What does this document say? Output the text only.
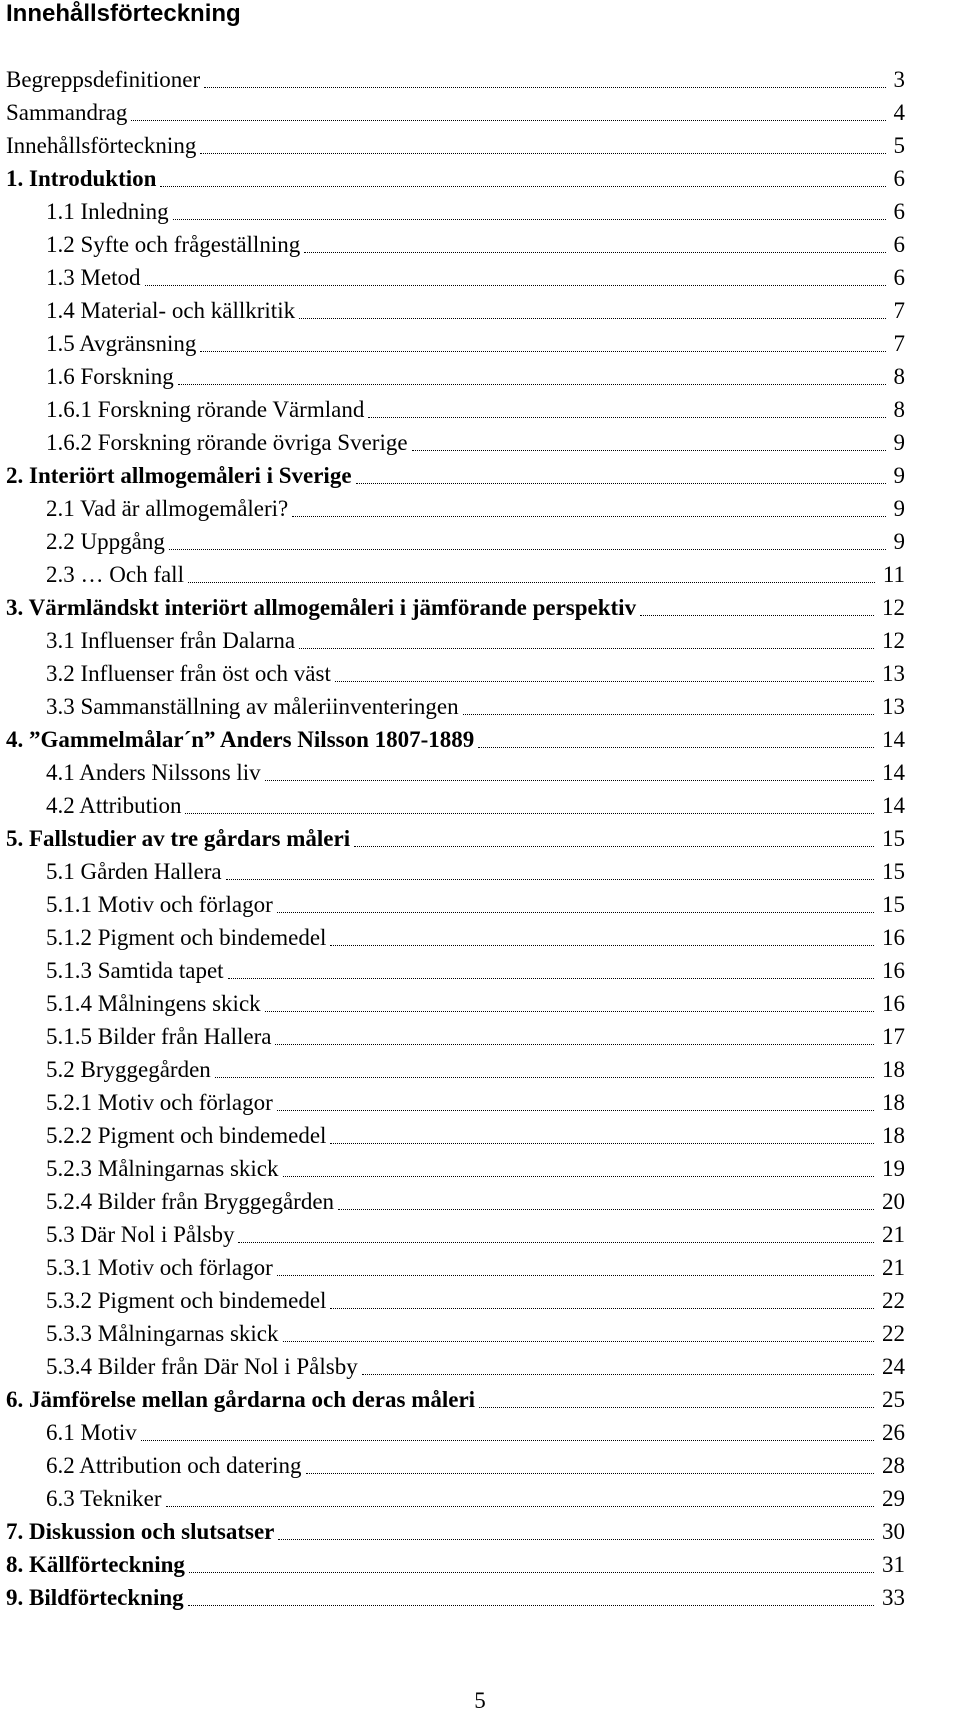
Innehållsförteckning
Begreppsdefinitioner	3
Sammandrag	4
Innehållsförteckning	5
1. Introduktion	6
1.1 Inledning	6
1.2 Syfte och frågeställning	6
1.3 Metod	6
1.4 Material- och källkritik	7
1.5 Avgränsning	7
1.6 Forskning	8
1.6.1 Forskning rörande Värmland	8
1.6.2 Forskning rörande övriga Sverige	9
2. Interiört allmogemåleri i Sverige	9
2.1 Vad är allmogemåleri?	9
2.2 Uppgång	9
2.3 … Och fall	11
3. Värmländskt interiört allmogemåleri i jämförande perspektiv	12
3.1 Influenser från Dalarna	12
3.2 Influenser från öst och väst	13
3.3 Sammanställning av måleriinventeringen	13
4. ”Gammelmålar´n” Anders Nilsson 1807-1889	14
4.1 Anders Nilssons liv	14
4.2 Attribution	14
5. Fallstudier av tre gårdars måleri	15
5.1 Gården Hallera	15
5.1.1 Motiv och förlagor	15
5.1.2 Pigment och bindemedel	16
5.1.3 Samtida tapet	16
5.1.4 Målningens skick	16
5.1.5 Bilder från Hallera	17
5.2 Bryggegården	18
5.2.1 Motiv och förlagor	18
5.2.2 Pigment och bindemedel	18
5.2.3 Målningarnas skick	19
5.2.4 Bilder från Bryggegården	20
5.3 Där Nol i Pålsby	21
5.3.1 Motiv och förlagor	21
5.3.2 Pigment och bindemedel	22
5.3.3 Målningarnas skick	22
5.3.4 Bilder från Där Nol i Pålsby	24
6. Jämförelse mellan gårdarna och deras måleri	25
6.1 Motiv	26
6.2 Attribution och datering	28
6.3 Tekniker	29
7. Diskussion och slutsatser	30
8. Källförteckning	31
9. Bildförteckning	33
5
